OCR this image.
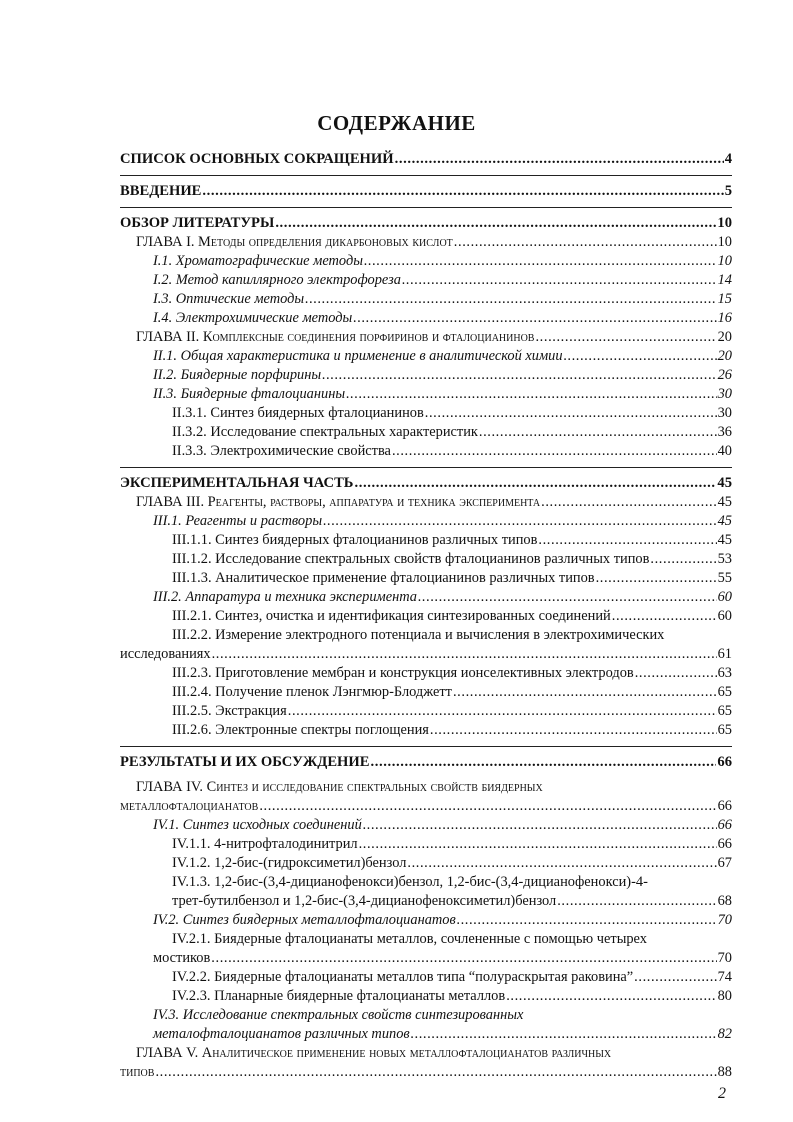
СОДЕРЖАНИЕ
СПИСОК ОСНОВНЫХ СОКРАЩЕНИЙ .....	4
ВВЕДЕНИЕ .....	5
ОБЗОР ЛИТЕРАТУРЫ .....	10
ГЛАВА I. Методы определения дикарбоновых кислот .....	10
I.1. Хроматографические методы .....	10
I.2. Метод капиллярного электрофореза .....	14
I.3. Оптические методы .....	15
I.4. Электрохимические методы .....	16
ГЛАВА II. Комплексные соединения порфиринов и фталоцианинов .....	20
II.1. Общая характеристика и применение в аналитической химии .....	20
II.2. Биядерные порфирины .....	26
II.3. Биядерные фталоцианины .....	30
II.3.1. Синтез биядерных фталоцианинов .....	30
II.3.2. Исследование спектральных характеристик .....	36
II.3.3. Электрохимические свойства .....	40
ЭКСПЕРИМЕНТАЛЬНАЯ ЧАСТЬ .....	45
ГЛАВА III. Реагенты, растворы, аппаратура и техника эксперимента .....	45
III.1. Реагенты и растворы .....	45
III.1.1. Синтез биядерных фталоцианинов различных типов .....	45
III.1.2. Исследование спектральных свойств фталоцианинов различных типов .....	53
III.1.3. Аналитическое применение фталоцианинов различных типов .....	55
III.2. Аппаратура и техника эксперимента .....	60
III.2.1. Синтез, очистка и идентификация синтезированных соединений .....	60
III.2.2. Измерение электродного потенциала и вычисления в электрохимических
исследованиях .....	61
III.2.3. Приготовление мембран и конструкция ионселективных электродов .....	63
III.2.4. Получение пленок Лэнгмюр-Блоджетт .....	65
III.2.5. Экстракция .....	65
III.2.6. Электронные спектры поглощения .....	65
РЕЗУЛЬТАТЫ И ИХ ОБСУЖДЕНИЕ .....	66
ГЛАВА IV. Синтез и исследование спектральных свойств биядерных
металлофталоцианатов .....	66
IV.1. Синтез исходных соединений .....	66
IV.1.1. 4-нитрофталодинитрил .....	66
IV.1.2. 1,2-бис-(гидроксиметил)бензол .....	67
IV.1.3. 1,2-бис-(3,4-дицианофенокси)бензол, 1,2-бис-(3,4-дицианофенокси)-4-
трет-бутилбензол и 1,2-бис-(3,4-дицианофеноксиметил)бензол .....	68
IV.2. Синтез биядерных металлофталоцианатов .....	70
IV.2.1. Биядерные фталоцианаты металлов, сочлененные с помощью четырех
мостиков .....	70
IV.2.2. Биядерные фталоцианаты металлов типа “полураскрытая раковина” .....	74
IV.2.3. Планарные биядерные фталоцианаты металлов .....	80
IV.3. Исследование спектральных свойств синтезированных
металофталоцианатов различных типов .....	82
ГЛАВА V. Аналитическое применение новых металлофталоцианатов различных
типов .....	88
2
